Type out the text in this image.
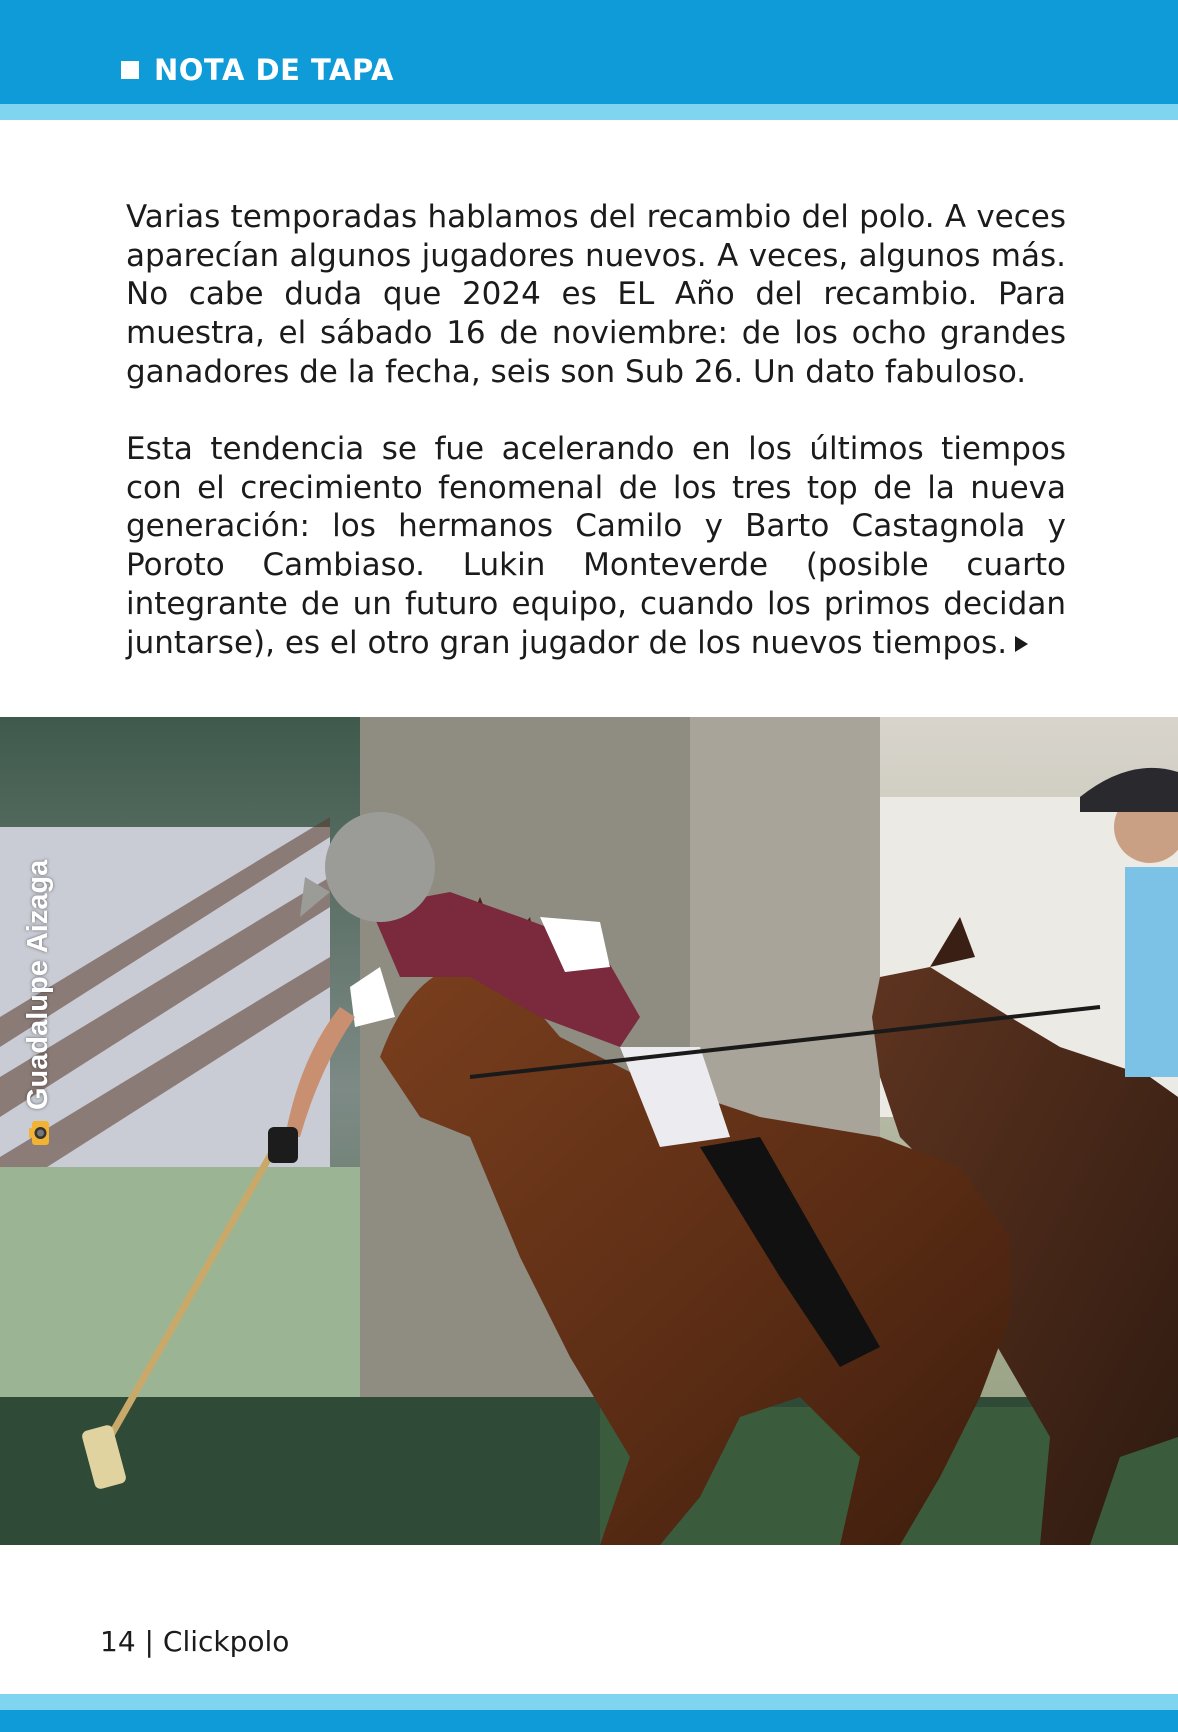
NOTA DE TAPA

Varias temporadas hablamos del recambio del polo. A veces aparecían algunos jugadores nuevos. A veces, algunos más. No cabe duda que 2024 es EL Año del recambio. Para muestra, el sábado 16 de noviembre: de los ocho grandes ganadores de la fecha, seis son Sub 26. Un dato fabuloso.

Esta tendencia se fue acelerando en los últimos tiempos con el crecimiento fenomenal de los tres top de la nueva generación: los hermanos Camilo y Barto Castagnola y Poroto Cambiaso. Lukin Monteverde (posible cuarto integrante de un futuro equipo, cuando los primos decidan juntarse), es el otro gran jugador de los nuevos tiempos.

Guadalupe Aizaga
14 | Clickpolo
